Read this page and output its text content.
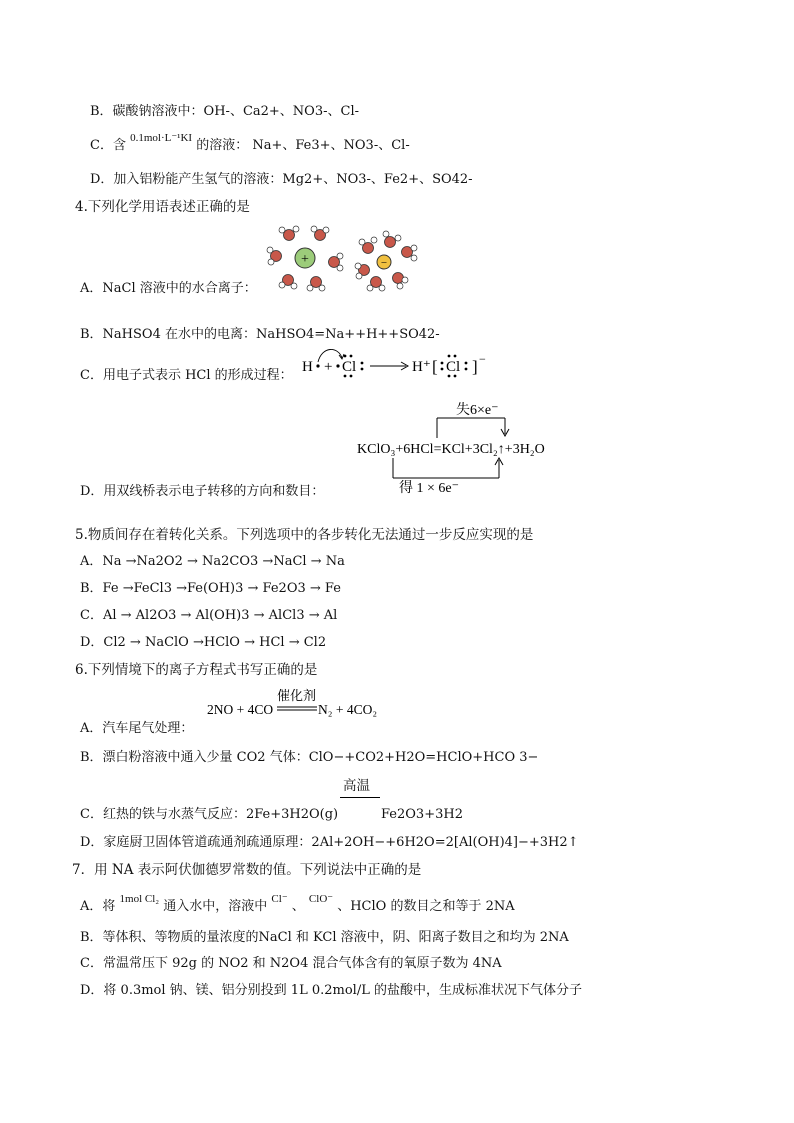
B．碳酸钠溶液中：OH-、Ca2+、NO3-、Cl-
C．含 $^{0.1mol\cdot L^{-1}KI}$ 的溶液： Na+、Fe3+、NO3-、Cl-
D．加入铝粉能产生氢气的溶液：Mg2+、NO3-、Fe2+、SO42-
4.下列化学用语表述正确的是
+	−
A．NaCl 溶液中的水合离子：
B．NaHSO4 在水中的电离：NaHSO4=Na++H++SO42-
C．用电子式表示 HCl 的形成过程：
H + Cl	H⁺ [ Cl ] −
失6×e⁻
KClO₃+6HCl=KCl+3Cl₂↑+3H₂O
得 1 × 6e⁻
D．用双线桥表示电子转移的方向和数目：
5.物质间存在着转化关系。下列选项中的各步转化无法通过一步反应实现的是
A．Na →Na2O2 → Na2CO3 →NaCl → Na
B．Fe →FeCl3 →Fe(OH)3 → Fe2O3 → Fe
C．Al → Al2O3 → Al(OH)3 → AlCl3 → Al
D．Cl2 → NaClO →HClO → HCl → Cl2
6.下列情境下的离子方程式书写正确的是
2NO + 4CO
催化剂
N₂ + 4CO₂
A．汽车尾气处理：
B．漂白粉溶液中通入少量 CO2 气体：ClO−+CO2+H2O=HClO+HCO 3−
高温
C．红热的铁与水蒸气反应：2Fe+3H2O(g)	Fe2O3+3H2
D．家庭厨卫固体管道疏通剂疏通原理：2Al+2OH−+6H2O=2[Al(OH)4]−+3H2↑
7．用 NA 表示阿伏伽德罗常数的值。下列说法中正确的是
A．将 $^{1mol Cl_2}$ 通入水中，溶液中 $^{Cl^-}$ 、 $^{ClO^-}$ 、HClO 的数目之和等于 2NA
B．等体积、等物质的量浓度的NaCl 和 KCl 溶液中，阴、阳离子数目之和均为 2NA
C．常温常压下 92g 的 NO2 和 N2O4 混合气体含有的氧原子数为 4NA
D．将 0.3mol 钠、镁、铝分别投到 1L 0.2mol/L 的盐酸中，生成标准状况下气体分子
